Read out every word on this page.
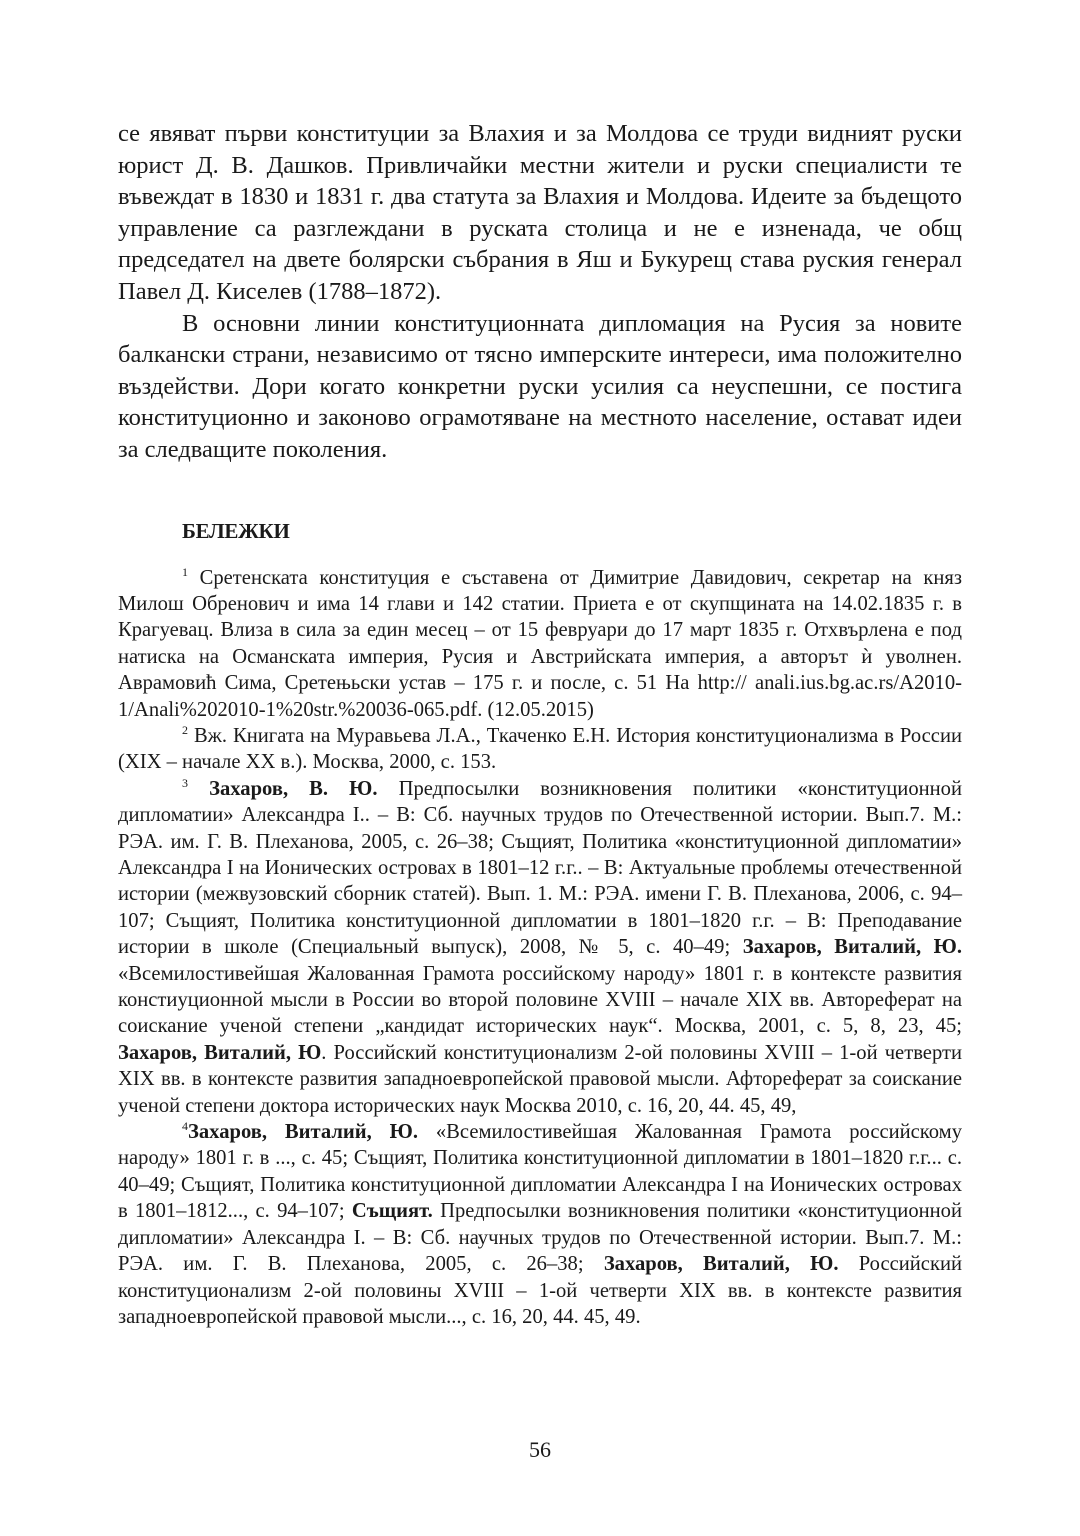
се явяват първи конституции за Влахия и за Молдова се труди видният руски юрист Д. В. Дашков. Привличайки местни жители и руски специалисти те въвеждат в 1830 и 1831 г. два статута за Влахия и Молдова. Идеите за бъдещото управление са разглеждани в руската столица и не е изненада, че общ председател на двете болярски събрания в Яш и Букурещ става руския генерал Павел Д. Киселев (1788–1872).

В основни линии конституционната дипломация на Русия за новите балкански страни, независимо от тясно имперските интереси, има положително въздействи. Дори когато конкретни руски усилия са неуспешни, се постига конституционно и законово ограмотяване на местното население, остават идеи за следващите поколения.

БЕЛЕЖКИ

$^1$ Сретенската конституция е съставена от Димитрие Давидович, секретар на княз Милош Обренович и има 14 глави и 142 статии. Приета е от скупщината на 14.02.1835 г. в Крагуевац. Влиза в сила за един месец – от 15 февруари до 17 март 1835 г. Отхвърлена е под натиска на Османската империя, Русия и Австрийската империя, а авторът ѝ уволнен. Аврамовић Сима, Сретењьски устав – 175 г. и после, с. 51 На http:// anali.ius.bg.ac.rs/A2010-1/Anali%202010-1%20str.%20036-065.pdf. (12.05.2015)

$^2$ Вж. Книгата на Муравьева Л.А., Ткаченко Е.Н. История конституционализма в России (XIX – начале XX в.). Москва, 2000, с. 153.

$^3$ Захаров, В. Ю. Предпосылки возникновения политики «конституционной дипломатии» Александра I.. – В: Сб. научных трудов по Отечественной истории. Вып.7. М.: РЭА. им. Г. В. Плеханова, 2005, с. 26–38; Същият, Политика «конституционной дипломатии» Александра I на Ионических островах в 1801–12 г.г.. – В: Актуальные проблемы отечественной истории (межвузовский сборник статей). Вып. 1. М.: РЭА. имени Г. В. Плеханова, 2006, с. 94–107; Същият, Политика конституционной дипломатии в 1801–1820 г.г. – В: Преподавание истории в школе (Специальный выпуск), 2008, № 5, с. 40–49; Захаров, Виталий, Ю. «Всемилостивейшая Жалованная Грамота российскому народу» 1801 г. в контексте развития констиуционной мысли в России во второй половине XVIII – начале XIX вв. Автореферат на соискание ученой степени „кандидат исторических наук“. Москва, 2001, с. 5, 8, 23, 45; Захаров, Виталий, Ю. Российский конституционализм 2-ой половины XVIII – 1-ой четверти XIX вв. в контексте развития западноевропейской правовой мысли. Афтореферат за соискание ученой степени доктора исторических наук Москва 2010, с. 16, 20, 44. 45, 49,

$^4$Захаров, Виталий, Ю. «Всемилостивейшая Жалованная Грамота российскому народу» 1801 г. в ..., с. 45; Същият, Политика конституционной дипломатии в 1801–1820 г.г... с. 40–49; Същият, Политика конституционной дипломатии Александра I на Ионических островах в 1801–1812..., с. 94–107; Същият. Предпосылки возникновения политики «конституционной дипломатии» Александра I. – В: Сб. научных трудов по Отечественной истории. Вып.7. М.: РЭА. им. Г. В. Плеханова, 2005, с. 26–38; Захаров, Виталий, Ю. Российский конституционализм 2-ой половины XVIII – 1-ой четверти XIX вв. в контексте развития западноевропейской правовой мысли..., с. 16, 20, 44. 45, 49.

56
